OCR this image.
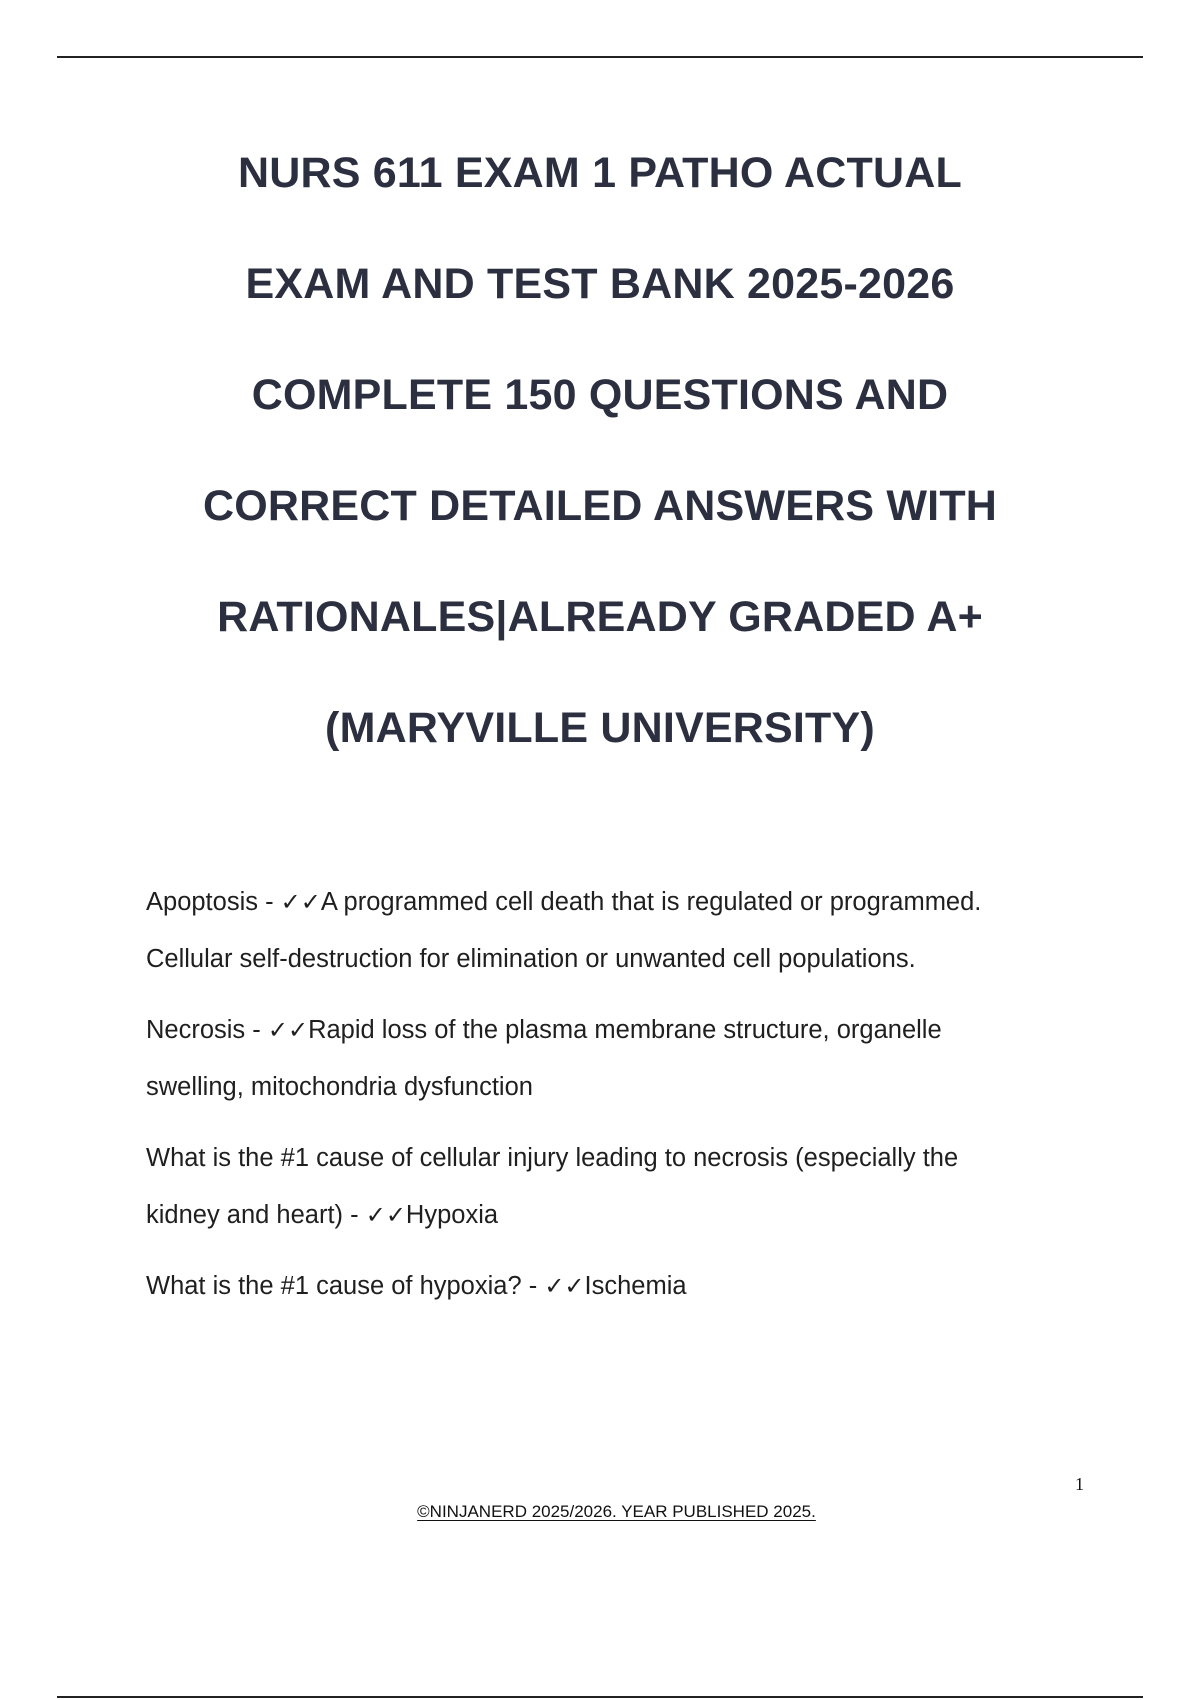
NURS 611 EXAM 1 PATHO ACTUAL
EXAM AND TEST BANK 2025-2026
COMPLETE 150 QUESTIONS AND
CORRECT DETAILED ANSWERS WITH
RATIONALES|ALREADY GRADED A+
(MARYVILLE UNIVERSITY)

Apoptosis - ✓✓A programmed cell death that is regulated or programmed.
Cellular self-destruction for elimination or unwanted cell populations.

Necrosis - ✓✓Rapid loss of the plasma membrane structure, organelle
swelling, mitochondria dysfunction

What is the #1 cause of cellular injury leading to necrosis (especially the
kidney and heart) - ✓✓Hypoxia

What is the #1 cause of hypoxia? - ✓✓Ischemia

1
©NINJANERD 2025/2026. YEAR PUBLISHED 2025.
